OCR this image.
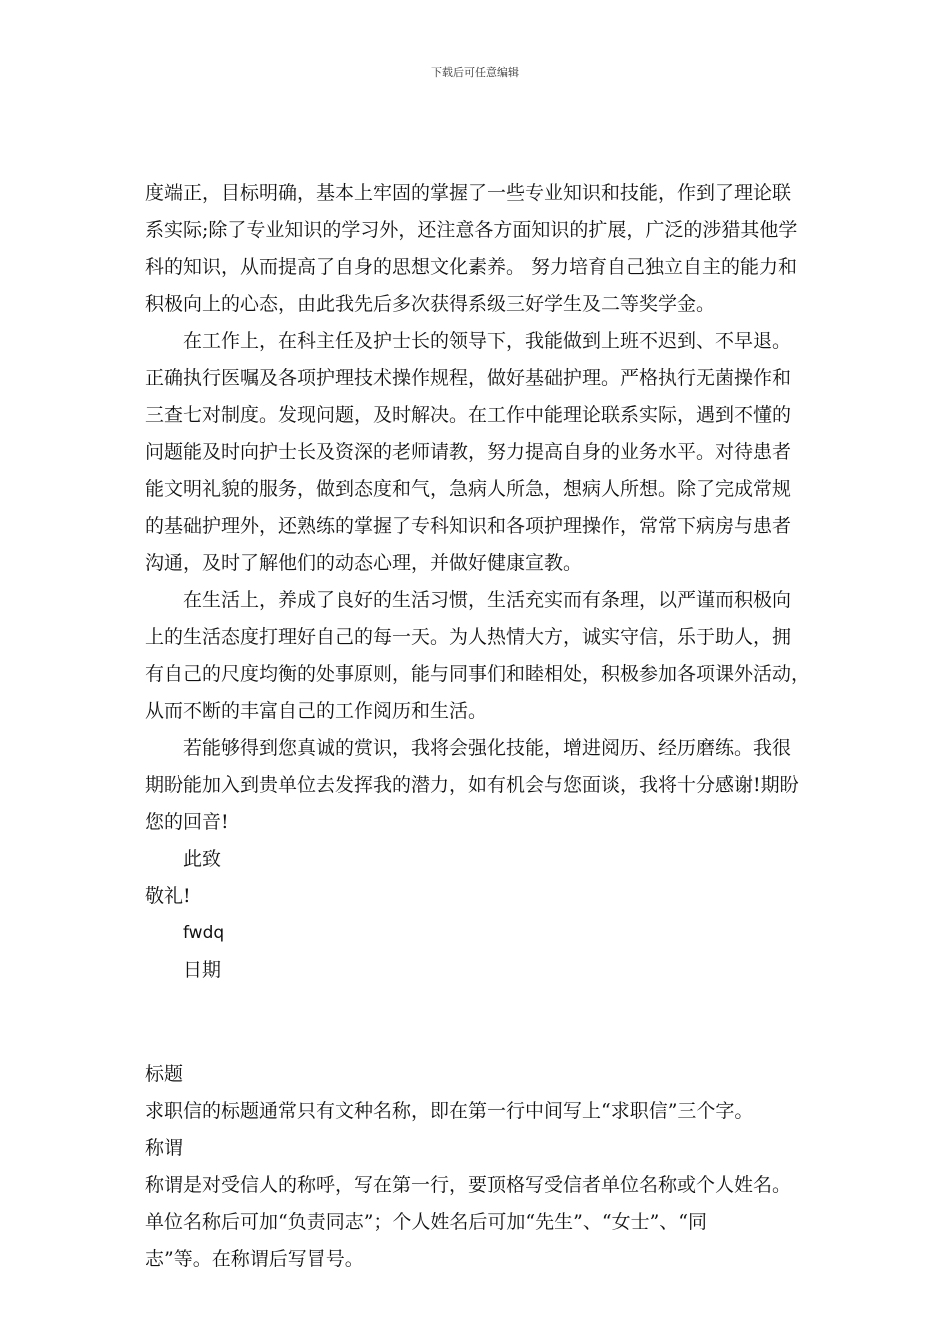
下载后可任意编辑
度端正，目标明确，基本上牢固的掌握了一些专业知识和技能，作到了理论联
系实际;除了专业知识的学习外，还注意各方面知识的扩展，广泛的涉猎其他学
科的知识，从而提高了自身的思想文化素养。 努力培育自己独立自主的能力和
积极向上的心态，由此我先后多次获得系级三好学生及二等奖学金。
在工作上，在科主任及护士长的领导下，我能做到上班不迟到、不早退。
正确执行医嘱及各项护理技术操作规程，做好基础护理。严格执行无菌操作和
三查七对制度。发现问题，及时解决。在工作中能理论联系实际，遇到不懂的
问题能及时向护士长及资深的老师请教，努力提高自身的业务水平。对待患者
能文明礼貌的服务，做到态度和气，急病人所急，想病人所想。除了完成常规
的基础护理外，还熟练的掌握了专科知识和各项护理操作，常常下病房与患者
沟通，及时了解他们的动态心理，并做好健康宣教。
在生活上，养成了良好的生活习惯，生活充实而有条理，以严谨而积极向
上的生活态度打理好自己的每一天。为人热情大方，诚实守信，乐于助人，拥
有自己的尺度均衡的处事原则，能与同事们和睦相处，积极参加各项课外活动，
从而不断的丰富自己的工作阅历和生活。
若能够得到您真诚的赏识，我将会强化技能，增进阅历、经历磨练。我很
期盼能加入到贵单位去发挥我的潜力，如有机会与您面谈，我将十分感谢!期盼
您的回音!
此致
敬礼!
fwdq
日期
标题
求职信的标题通常只有文种名称，即在第一行中间写上“求职信”三个字。
称谓
称谓是对受信人的称呼，写在第一行，要顶格写受信者单位名称或个人姓名。
单位名称后可加“负责同志”；个人姓名后可加“先生”、“女士”、“同
志”等。在称谓后写冒号。
